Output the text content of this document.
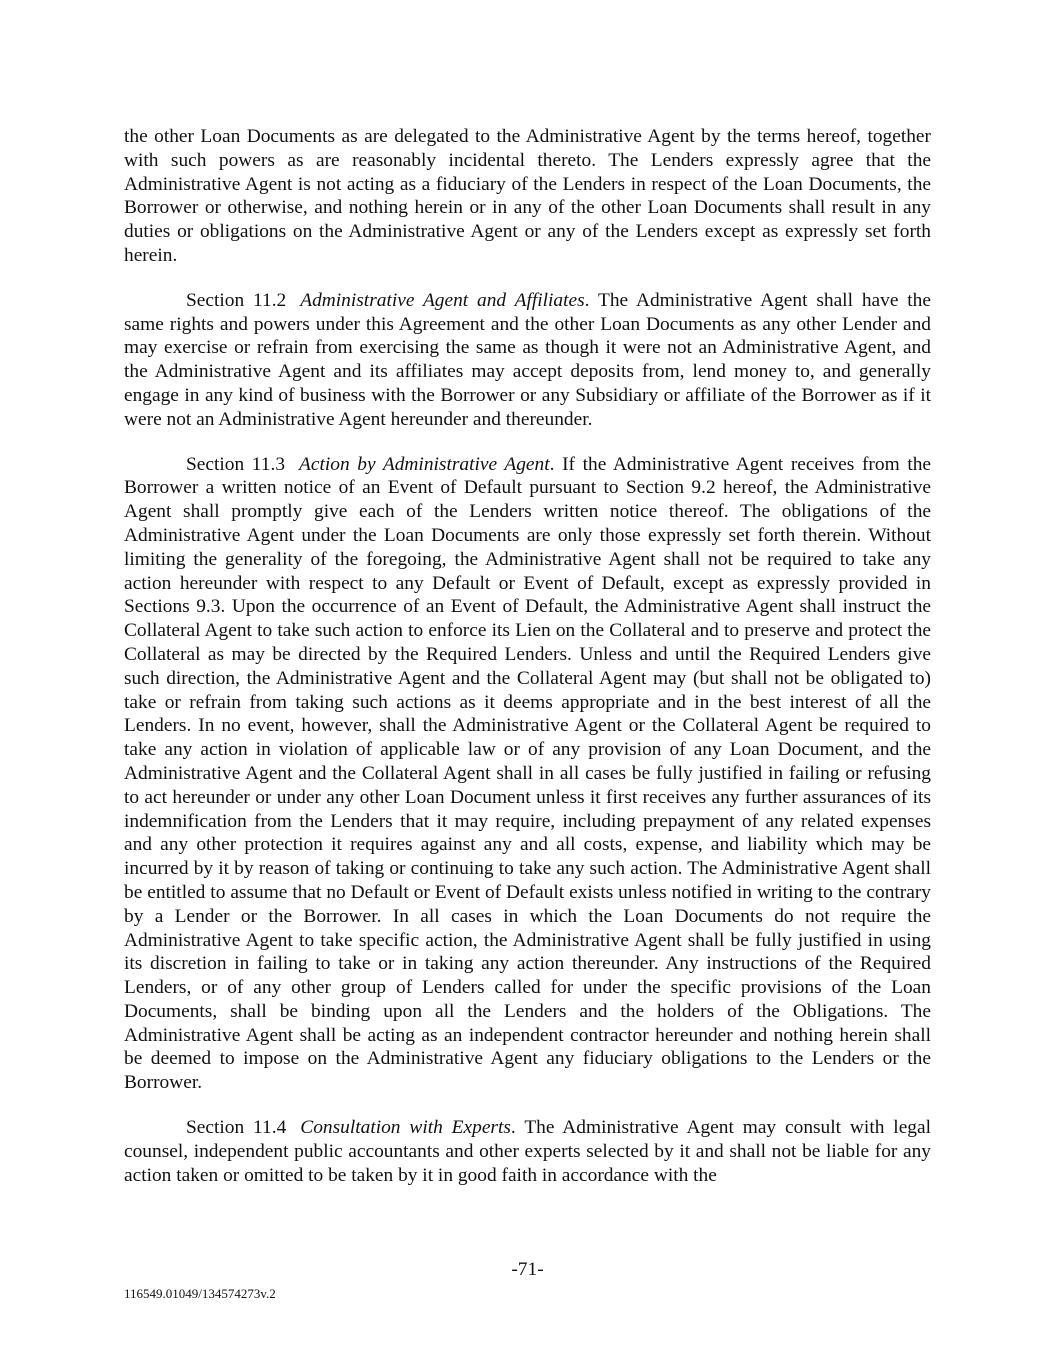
the other Loan Documents as are delegated to the Administrative Agent by the terms hereof, together with such powers as are reasonably incidental thereto. The Lenders expressly agree that the Administrative Agent is not acting as a fiduciary of the Lenders in respect of the Loan Documents, the Borrower or otherwise, and nothing herein or in any of the other Loan Documents shall result in any duties or obligations on the Administrative Agent or any of the Lenders except as expressly set forth herein.

Section 11.2 Administrative Agent and Affiliates. The Administrative Agent shall have the same rights and powers under this Agreement and the other Loan Documents as any other Lender and may exercise or refrain from exercising the same as though it were not an Administrative Agent, and the Administrative Agent and its affiliates may accept deposits from, lend money to, and generally engage in any kind of business with the Borrower or any Subsidiary or affiliate of the Borrower as if it were not an Administrative Agent hereunder and thereunder.

Section 11.3 Action by Administrative Agent. If the Administrative Agent receives from the Borrower a written notice of an Event of Default pursuant to Section 9.2 hereof, the Administrative Agent shall promptly give each of the Lenders written notice thereof. The obligations of the Administrative Agent under the Loan Documents are only those expressly set forth therein. Without limiting the generality of the foregoing, the Administrative Agent shall not be required to take any action hereunder with respect to any Default or Event of Default, except as expressly provided in Sections 9.3. Upon the occurrence of an Event of Default, the Administrative Agent shall instruct the Collateral Agent to take such action to enforce its Lien on the Collateral and to preserve and protect the Collateral as may be directed by the Required Lenders. Unless and until the Required Lenders give such direction, the Administrative Agent and the Collateral Agent may (but shall not be obligated to) take or refrain from taking such actions as it deems appropriate and in the best interest of all the Lenders. In no event, however, shall the Administrative Agent or the Collateral Agent be required to take any action in violation of applicable law or of any provision of any Loan Document, and the Administrative Agent and the Collateral Agent shall in all cases be fully justified in failing or refusing to act hereunder or under any other Loan Document unless it first receives any further assurances of its indemnification from the Lenders that it may require, including prepayment of any related expenses and any other protection it requires against any and all costs, expense, and liability which may be incurred by it by reason of taking or continuing to take any such action. The Administrative Agent shall be entitled to assume that no Default or Event of Default exists unless notified in writing to the contrary by a Lender or the Borrower. In all cases in which the Loan Documents do not require the Administrative Agent to take specific action, the Administrative Agent shall be fully justified in using its discretion in failing to take or in taking any action thereunder. Any instructions of the Required Lenders, or of any other group of Lenders called for under the specific provisions of the Loan Documents, shall be binding upon all the Lenders and the holders of the Obligations. The Administrative Agent shall be acting as an independent contractor hereunder and nothing herein shall be deemed to impose on the Administrative Agent any fiduciary obligations to the Lenders or the Borrower.

Section 11.4 Consultation with Experts. The Administrative Agent may consult with legal counsel, independent public accountants and other experts selected by it and shall not be liable for any action taken or omitted to be taken by it in good faith in accordance with the

-71-
116549.01049/134574273v.2
